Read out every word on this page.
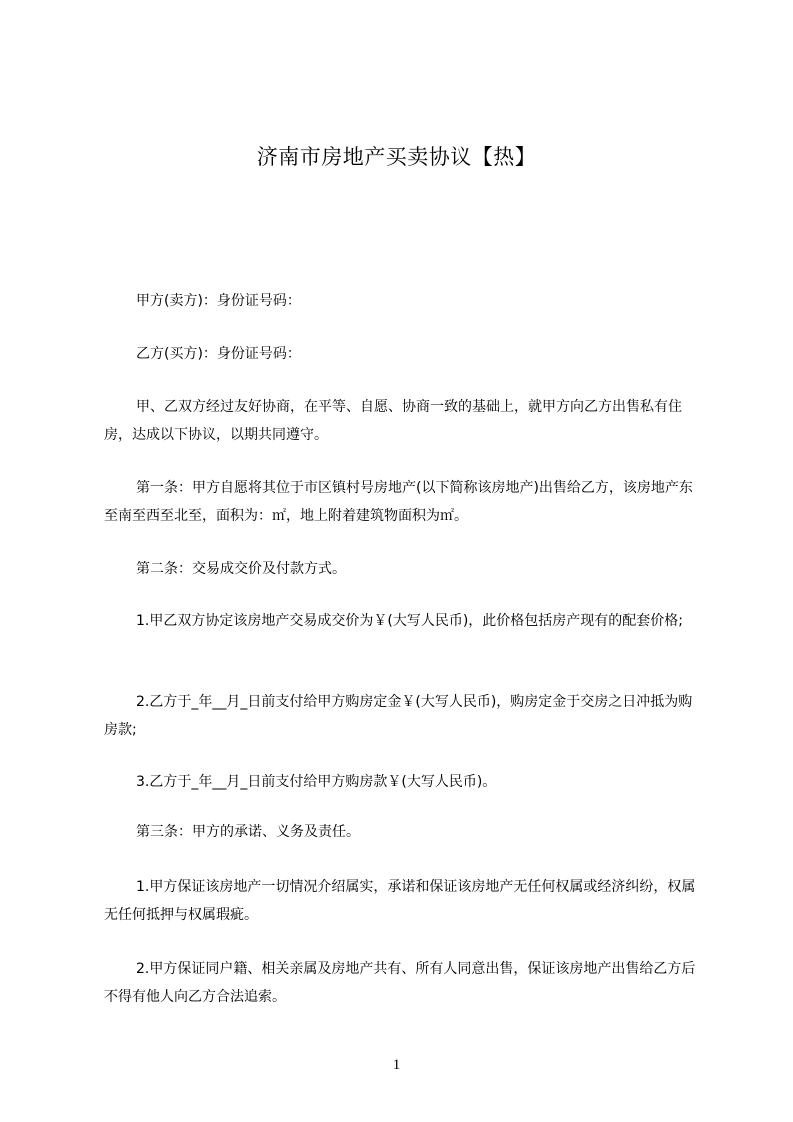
济南市房地产买卖协议【热】
甲方(卖方)：身份证号码：
乙方(买方)：身份证号码：
甲、乙双方经过友好协商，在平等、自愿、协商一致的基础上，就甲方向乙方出售私有住房，达成以下协议，以期共同遵守。
第一条：甲方自愿将其位于市区镇村号房地产(以下简称该房地产)出售给乙方，该房地产东至南至西至北至，面积为：㎡，地上附着建筑物面积为㎡。
第二条：交易成交价及付款方式。
1.甲乙双方协定该房地产交易成交价为￥(大写人民币)，此价格包括房产现有的配套价格;
2.乙方于_年__月_日前支付给甲方购房定金￥(大写人民币)，购房定金于交房之日冲抵为购房款;
3.乙方于_年__月_日前支付给甲方购房款￥(大写人民币)。
第三条：甲方的承诺、义务及责任。
1.甲方保证该房地产一切情况介绍属实，承诺和保证该房地产无任何权属或经济纠纷，权属无任何抵押与权属瑕疵。
2.甲方保证同户籍、相关亲属及房地产共有、所有人同意出售，保证该房地产出售给乙方后不得有他人向乙方合法追索。
1
